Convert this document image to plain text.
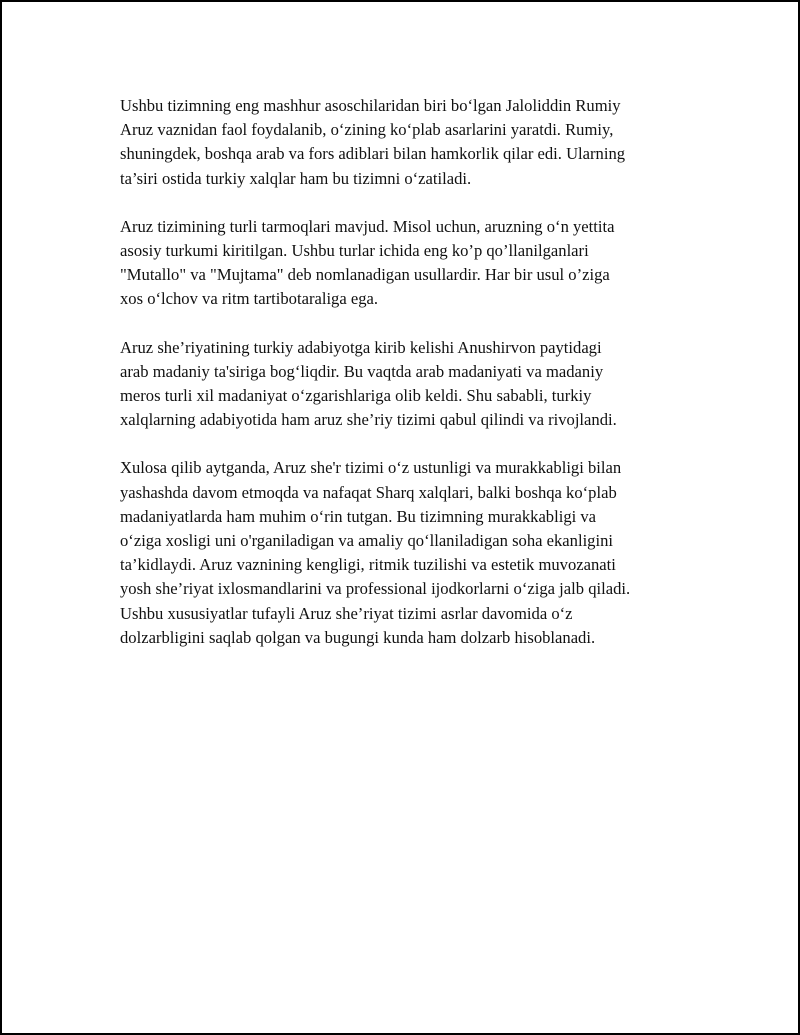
Ushbu tizimning eng mashhur asoschilaridan biri bo‘lgan Jaloliddin Rumiy
Aruz vaznidan faol foydalanib, o‘zining ko‘plab asarlarini yaratdi. Rumiy,
shuningdek, boshqa arab va fors adiblari bilan hamkorlik qilar edi. Ularning
ta’siri ostida turkiy xalqlar ham bu tizimni o‘zatiladi.

Aruz tizimining turli tarmoqlari mavjud. Misol uchun, aruzning o‘n yettita
asosiy turkumi kiritilgan. Ushbu turlar ichida eng ko’p qo’llanilganlari
"Mutallo" va "Mujtama" deb nomlanadigan usullardir. Har bir usul o’ziga
xos o‘lchov va ritm tartibotaraliga ega.

Aruz she’riyatining turkiy adabiyotga kirib kelishi Anushirvon paytidagi
arab madaniy ta'siriga bog‘liqdir. Bu vaqtda arab madaniyati va madaniy
meros turli xil madaniyat o‘zgarishlariga olib keldi. Shu sababli, turkiy
xalqlarning adabiyotida ham aruz she’riy tizimi qabul qilindi va rivojlandi.

Xulosa qilib aytganda, Aruz she'r tizimi o‘z ustunligi va murakkabligi bilan
yashashda davom etmoqda va nafaqat Sharq xalqlari, balki boshqa ko‘plab
madaniyatlarda ham muhim o‘rin tutgan. Bu tizimning murakkabligi va
o‘ziga xosligi uni o'rganiladigan va amaliy qo‘llaniladigan soha ekanligini
ta’kidlaydi. Aruz vaznining kengligi, ritmik tuzilishi va estetik muvozanati
yosh she’riyat ixlosmandlarini va professional ijodkorlarni o‘ziga jalb qiladi.
Ushbu xususiyatlar tufayli Aruz she’riyat tizimi asrlar davomida o‘z
dolzarbligini saqlab qolgan va bugungi kunda ham dolzarb hisoblanadi.
